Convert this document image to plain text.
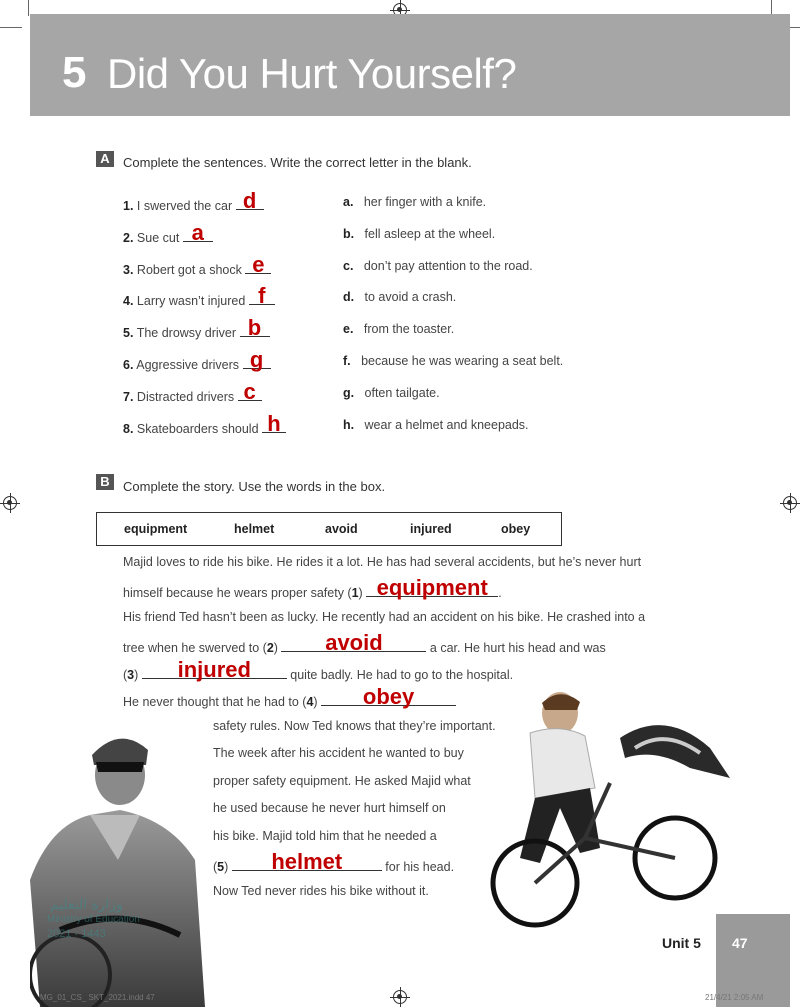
5 Did You Hurt Yourself?
A	Complete the sentences. Write the correct letter in the blank.
1. I swerved the car d
2. Sue cut a
3. Robert got a shock e
4. Larry wasn’t injured f
5. The drowsy driver b
6. Aggressive drivers g
7. Distracted drivers c
8. Skateboarders should h
a. her finger with a knife.
b. fell asleep at the wheel.
c. don’t pay attention to the road.
d. to avoid a crash.
e. from the toaster.
f. because he was wearing a seat belt.
g. often tailgate.
h. wear a helmet and kneepads.
B	Complete the story. Use the words in the box.
equipment	helmet	avoid	injured	obey
Majid loves to ride his bike. He rides it a lot. He has had several accidents, but he’s never hurt
himself because he wears proper safety (1) equipment .
His friend Ted hasn’t been as lucky. He recently had an accident on his bike. He crashed into a
tree when he swerved to (2) avoid	a car. He hurt his head and was
(3) injured	quite badly. He had to go to the hospital.
He never thought that he had to (4) obey
safety rules. Now Ted knows that they’re important.
The week after his accident he wanted to buy
proper safety equipment. He asked Majid what
he used because he never hurt himself on
his bike. Majid told him that he needed a
(5) helmet	for his head.
Now Ted never rides his bike without it.
وزارة التعليم
Ministry of Education
2021 - 1443
Unit 5 47
MG_01_CS_ SKT_2021.indd 47	21/4/21 2:05 AM
